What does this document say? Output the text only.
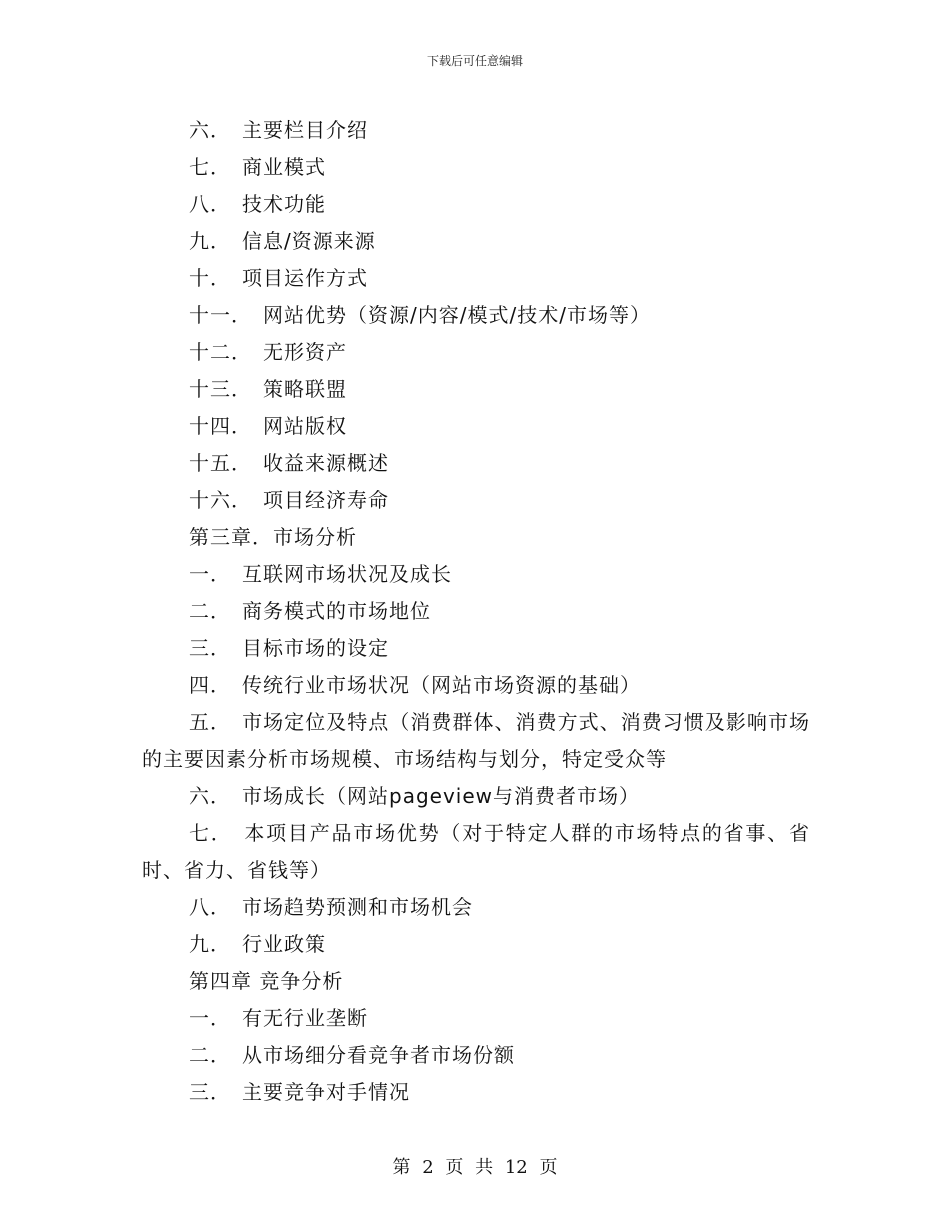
下载后可任意编辑
六．　 主要栏目介绍
七．　 商业模式
八．　 技术功能
九．　 信息/资源来源
十．　 项目运作方式
十一．　 网站优势（资源/内容/模式/技术/市场等）
十二．　 无形资产
十三．　 策略联盟
十四．　 网站版权
十五．　 收益来源概述
十六．　 项目经济寿命
第三章．市场分析
一．　 互联网市场状况及成长
二．　 商务模式的市场地位
三．　 目标市场的设定
四．　 传统行业市场状况（网站市场资源的基础）
五．　市场定位及特点（消费群体、消费方式、消费习惯及影响市场的主要因素分析市场规模、市场结构与划分，特定受众等
六．　 市场成长（网站pageview与消费者市场）
七．　本项目产品市场优势（对于特定人群的市场特点的省事、省时、省力、省钱等）
八．　 市场趋势预测和市场机会
九．　 行业政策
第四章 竞争分析
一．　 有无行业垄断
二．　 从市场细分看竞争者市场份额
三．　 主要竞争对手情况
第 2 页 共 12 页
